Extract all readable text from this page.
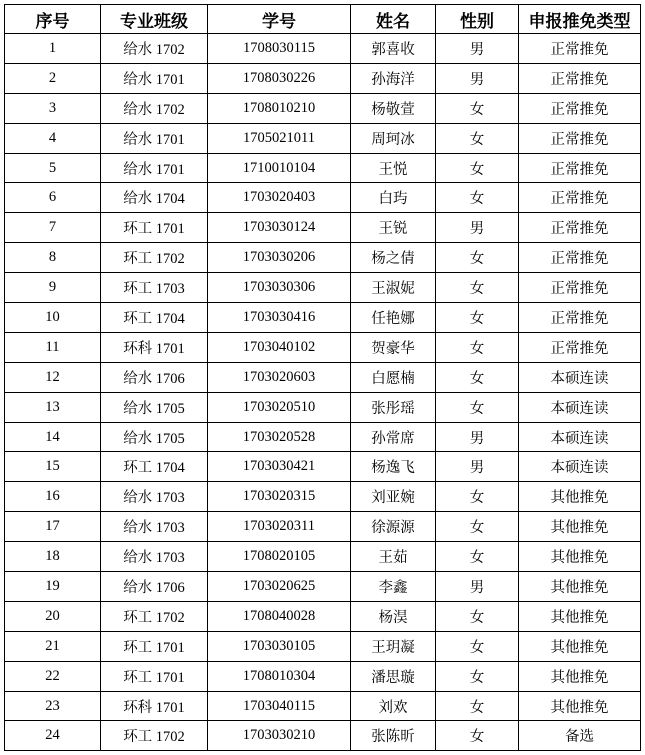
序号	专业班级	学号	姓名	性别	申报推免类型
1	给水 1702	1708030115	郭喜收	男	正常推免
2	给水 1701	1708030226	孙海洋	男	正常推免
3	给水 1702	1708010210	杨敬萱	女	正常推免
4	给水 1701	1705021011	周珂冰	女	正常推免
5	给水 1701	1710010104	王悦	女	正常推免
6	给水 1704	1703020403	白玙	女	正常推免
7	环工 1701	1703030124	王锐	男	正常推免
8	环工 1702	1703030206	杨之倩	女	正常推免
9	环工 1703	1703030306	王淑妮	女	正常推免
10	环工 1704	1703030416	任艳娜	女	正常推免
11	环科 1701	1703040102	贺豪华	女	正常推免
12	给水 1706	1703020603	白愿楠	女	本硕连读
13	给水 1705	1703020510	张彤瑶	女	本硕连读
14	给水 1705	1703020528	孙常席	男	本硕连读
15	环工 1704	1703030421	杨逸飞	男	本硕连读
16	给水 1703	1703020315	刘亚婉	女	其他推免
17	给水 1703	1703020311	徐源源	女	其他推免
18	给水 1703	1708020105	王茹	女	其他推免
19	给水 1706	1703020625	李鑫	男	其他推免
20	环工 1702	1708040028	杨淏	女	其他推免
21	环工 1701	1703030105	王玥凝	女	其他推免
22	环工 1701	1708010304	潘思璇	女	其他推免
23	环科 1701	1703040115	刘欢	女	其他推免
24	环工 1702	1703030210	张陈昕	女	备选
